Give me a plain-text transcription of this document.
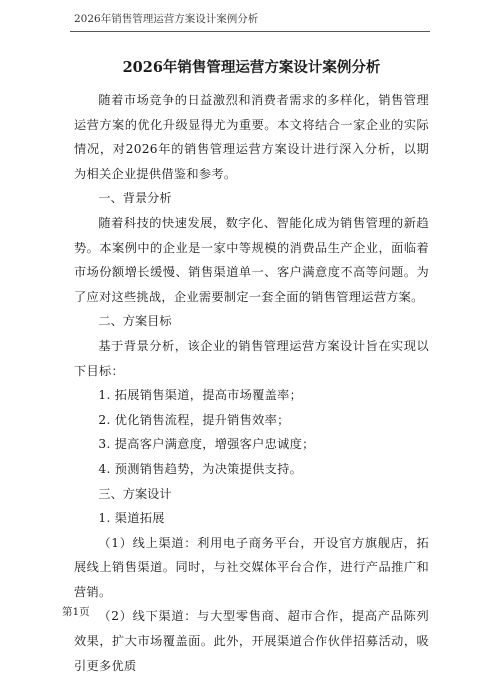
2026年销售管理运营方案设计案例分析
2026年销售管理运营方案设计案例分析

随着市场竞争的日益激烈和消费者需求的多样化，销售管理运营方案的优化升级显得尤为重要。本文将结合一家企业的实际情况，对2026年的销售管理运营方案设计进行深入分析，以期为相关企业提供借鉴和参考。

一、背景分析

随着科技的快速发展，数字化、智能化成为销售管理的新趋势。本案例中的企业是一家中等规模的消费品生产企业，面临着市场份额增长缓慢、销售渠道单一、客户满意度不高等问题。为了应对这些挑战，企业需要制定一套全面的销售管理运营方案。

二、方案目标

基于背景分析，该企业的销售管理运营方案设计旨在实现以下目标：

1. 拓展销售渠道，提高市场覆盖率；

2. 优化销售流程，提升销售效率；

3. 提高客户满意度，增强客户忠诚度；

4. 预测销售趋势，为决策提供支持。

三、方案设计

1. 渠道拓展

（1）线上渠道：利用电子商务平台，开设官方旗舰店，拓展线上销售渠道。同时，与社交媒体平台合作，进行产品推广和营销。

（2）线下渠道：与大型零售商、超市合作，提高产品陈列效果，扩大市场覆盖面。此外，开展渠道合作伙伴招募活动，吸引更多优质

第1页
